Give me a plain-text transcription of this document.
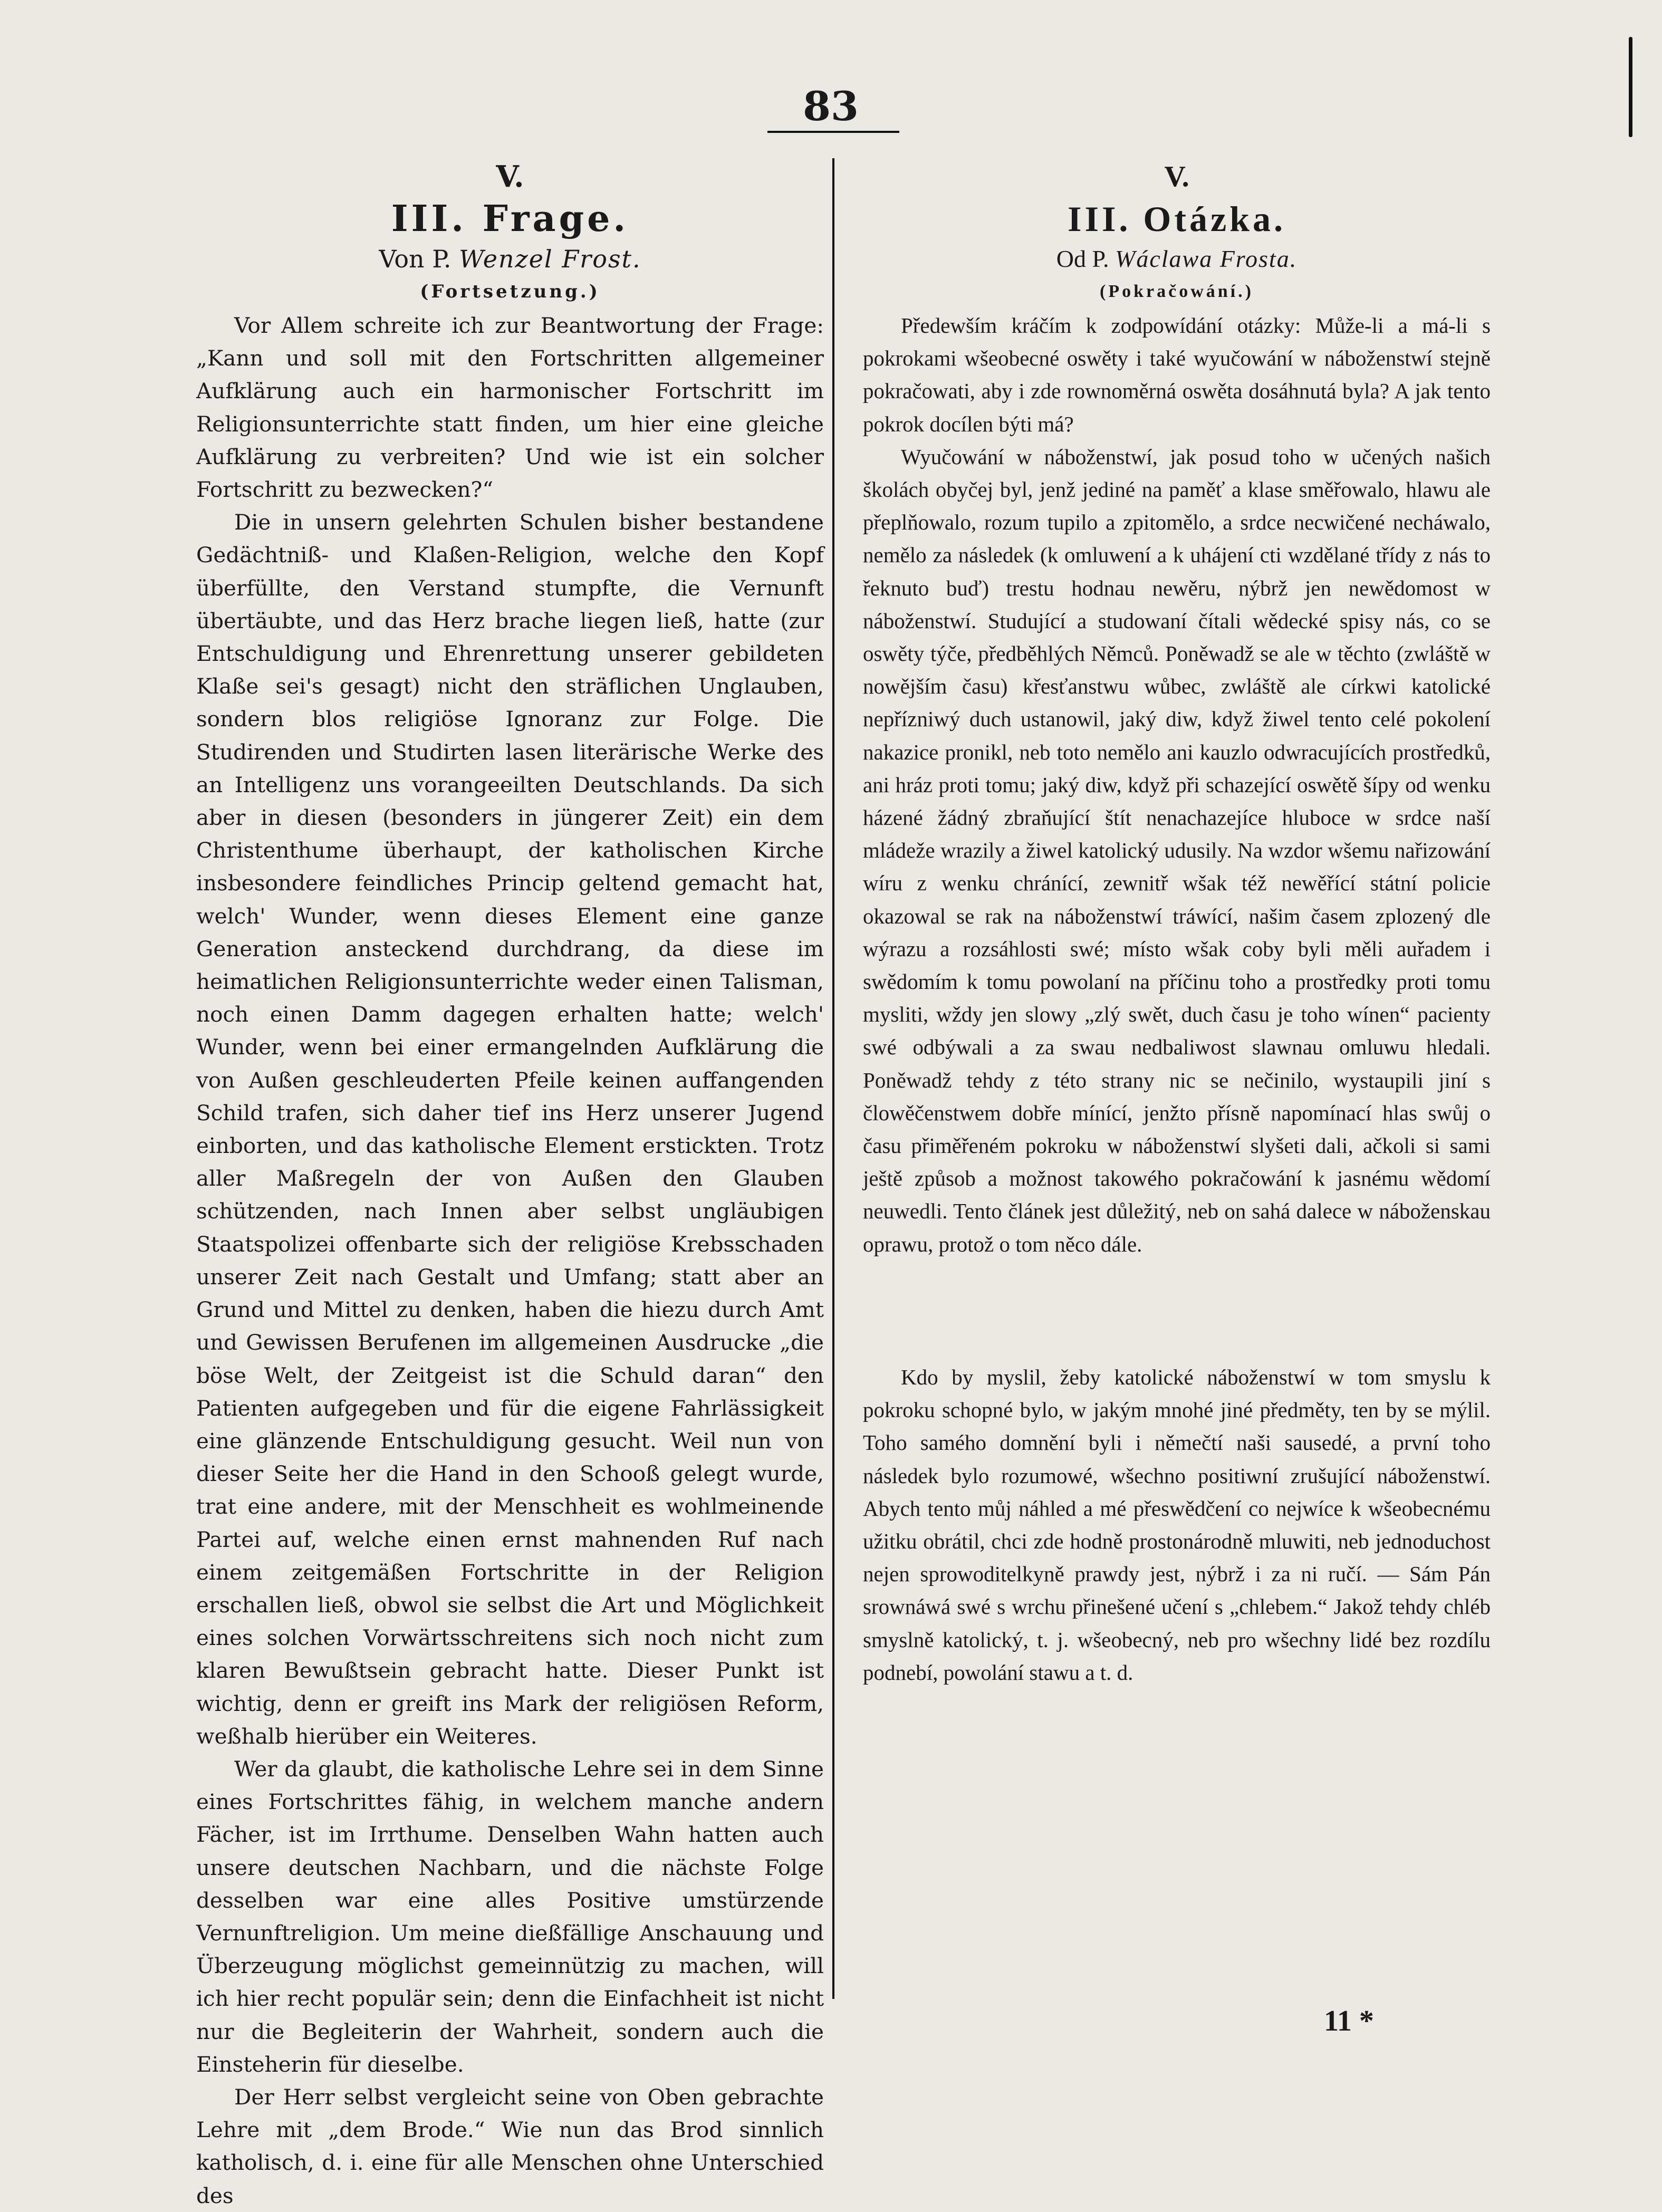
83
V.
III. Frage.
Von P. Wenzel Frost.
(Fortsetzung.)

Vor Allem schreite ich zur Beantwortung der Frage: „Kann und soll mit den Fortschritten allgemeiner Aufklärung auch ein harmonischer Fortschritt im Religionsunterrichte statt finden, um hier eine gleiche Aufklärung zu verbreiten? Und wie ist ein solcher Fortschritt zu bezwecken?“

Die in unsern gelehrten Schulen bisher bestandene Gedächtniß- und Klaßen-Religion, welche den Kopf überfüllte, den Verstand stumpfte, die Vernunft übertäubte, und das Herz brache liegen ließ, hatte (zur Entschuldigung und Ehrenrettung unserer gebildeten Klaße sei's gesagt) nicht den sträflichen Unglauben, sondern blos religiöse Ignoranz zur Folge. Die Studirenden und Studirten lasen literärische Werke des an Intelligenz uns vorangeeilten Deutschlands. Da sich aber in diesen (besonders in jüngerer Zeit) ein dem Christenthume überhaupt, der katholischen Kirche insbesondere feindliches Princip geltend gemacht hat, welch' Wunder, wenn dieses Element eine ganze Generation ansteckend durchdrang, da diese im heimatlichen Religionsunterrichte weder einen Talisman, noch einen Damm dagegen erhalten hatte; welch' Wunder, wenn bei einer ermangelnden Aufklärung die von Außen geschleuderten Pfeile keinen auffangenden Schild trafen, sich daher tief ins Herz unserer Jugend einborten, und das katholische Element erstickten. Trotz aller Maßregeln der von Außen den Glauben schützenden, nach Innen aber selbst ungläubigen Staatspolizei offenbarte sich der religiöse Krebsschaden unserer Zeit nach Gestalt und Umfang; statt aber an Grund und Mittel zu denken, haben die hiezu durch Amt und Gewissen Berufenen im allgemeinen Ausdrucke „die böse Welt, der Zeitgeist ist die Schuld daran“ den Patienten aufgegeben und für die eigene Fahrlässigkeit eine glänzende Entschuldigung gesucht. Weil nun von dieser Seite her die Hand in den Schooß gelegt wurde, trat eine andere, mit der Menschheit es wohlmeinende Partei auf, welche einen ernst mahnenden Ruf nach einem zeitgemäßen Fortschritte in der Religion erschallen ließ, obwol sie selbst die Art und Möglichkeit eines solchen Vorwärtsschreitens sich noch nicht zum klaren Bewußtsein gebracht hatte. Dieser Punkt ist wichtig, denn er greift ins Mark der religiösen Reform, weßhalb hierüber ein Weiteres.

Wer da glaubt, die katholische Lehre sei in dem Sinne eines Fortschrittes fähig, in welchem manche andern Fächer, ist im Irrthume. Denselben Wahn hatten auch unsere deutschen Nachbarn, und die nächste Folge desselben war eine alles Positive umstürzende Vernunftreligion. Um meine dießfällige Anschauung und Überzeugung möglichst gemeinnützig zu machen, will ich hier recht populär sein; denn die Einfachheit ist nicht nur die Begleiterin der Wahrheit, sondern auch die Einsteherin für dieselbe.

Der Herr selbst vergleicht seine von Oben gebrachte Lehre mit „dem Brode.“ Wie nun das Brod sinnlich katholisch, d. i. eine für alle Menschen ohne Unterschied des

V.
III. Otázka.
Od P. Wáclawa Frosta.
(Pokračowání.)

Předewším kráčím k zodpowídání otázky: Může-li a má-li s pokrokami wšeobecné oswěty i také wyučowání w náboženstwí stejně pokračowati, aby i zde rownoměrná oswěta dosáhnutá byla? A jak tento pokrok docílen býti má?

Wyučowání w náboženstwí, jak posud toho w učených našich školách obyčej byl, jenž jediné na paměť a klase směřowalo, hlawu ale přeplňowalo, rozum tupilo a zpitomělo, a srdce necwičené necháwalo, nemělo za následek (k omluwení a k uhájení cti wzdělané třídy z nás to řeknuto buď) trestu hodnau newěru, nýbrž jen newědomost w náboženstwí. Studující a studowaní čítali wědecké spisy nás, co se oswěty týče, předběhlých Němců. Poněwadž se ale w těchto (zwláště w nowějším času) křesťanstwu wůbec, zwláště ale církwi katolické nepřízniwý duch ustanowil, jaký diw, když žiwel tento celé pokolení nakazice pronikl, neb toto nemělo ani kauzlo odwracujících prostředků, ani hráz proti tomu; jaký diw, když při schazející oswětě šípy od wenku házené žádný zbraňující štít nenachazejíce hluboce w srdce naší mládeže wrazily a žiwel katolický udusily. Na wzdor wšemu nařizowání wíru z wenku chránící, zewnitř wšak též newěřící státní policie okazowal se rak na náboženstwí tráwící, našim časem zplozený dle wýrazu a rozsáhlosti swé; místo wšak coby byli měli auřadem i swědomím k tomu powolaní na příčinu toho a prostředky proti tomu mysliti, wždy jen slowy „zlý swět, duch času je toho wínen“ pacienty swé odbýwali a za swau nedbaliwost slawnau omluwu hledali. Poněwadž tehdy z této strany nic se nečinilo, wystaupili jiní s člowěčenstwem dobře mínící, jenžto přísně napomínací hlas swůj o času přiměřeném pokroku w náboženstwí slyšeti dali, ačkoli si sami ještě způsob a možnost takowého pokračowání k jasnému wědomí neuwedli. Tento článek jest důležitý, neb on sahá dalece w náboženskau oprawu, protož o tom něco dále.

Kdo by myslil, žeby katolické náboženstwí w tom smyslu k pokroku schopné bylo, w jakým mnohé jiné předměty, ten by se mýlil. Toho samého domnění byli i němečtí naši sausedé, a první toho následek bylo rozumowé, wšechno positiwní zrušující náboženstwí. Abych tento můj náhled a mé přeswědčení co nejwíce k wšeobecnému užitku obrátil, chci zde hodně prostonárodně mluwiti, neb jednoduchost nejen sprowoditelkyně prawdy jest, nýbrž i za ni ručí. — Sám Pán srownáwá swé s wrchu přinešené učení s „chlebem.“ Jakož tehdy chléb smyslně katolický, t. j. wšeobecný, neb pro wšechny lidé bez rozdílu podnebí, powolání stawu a t. d.

11 *
